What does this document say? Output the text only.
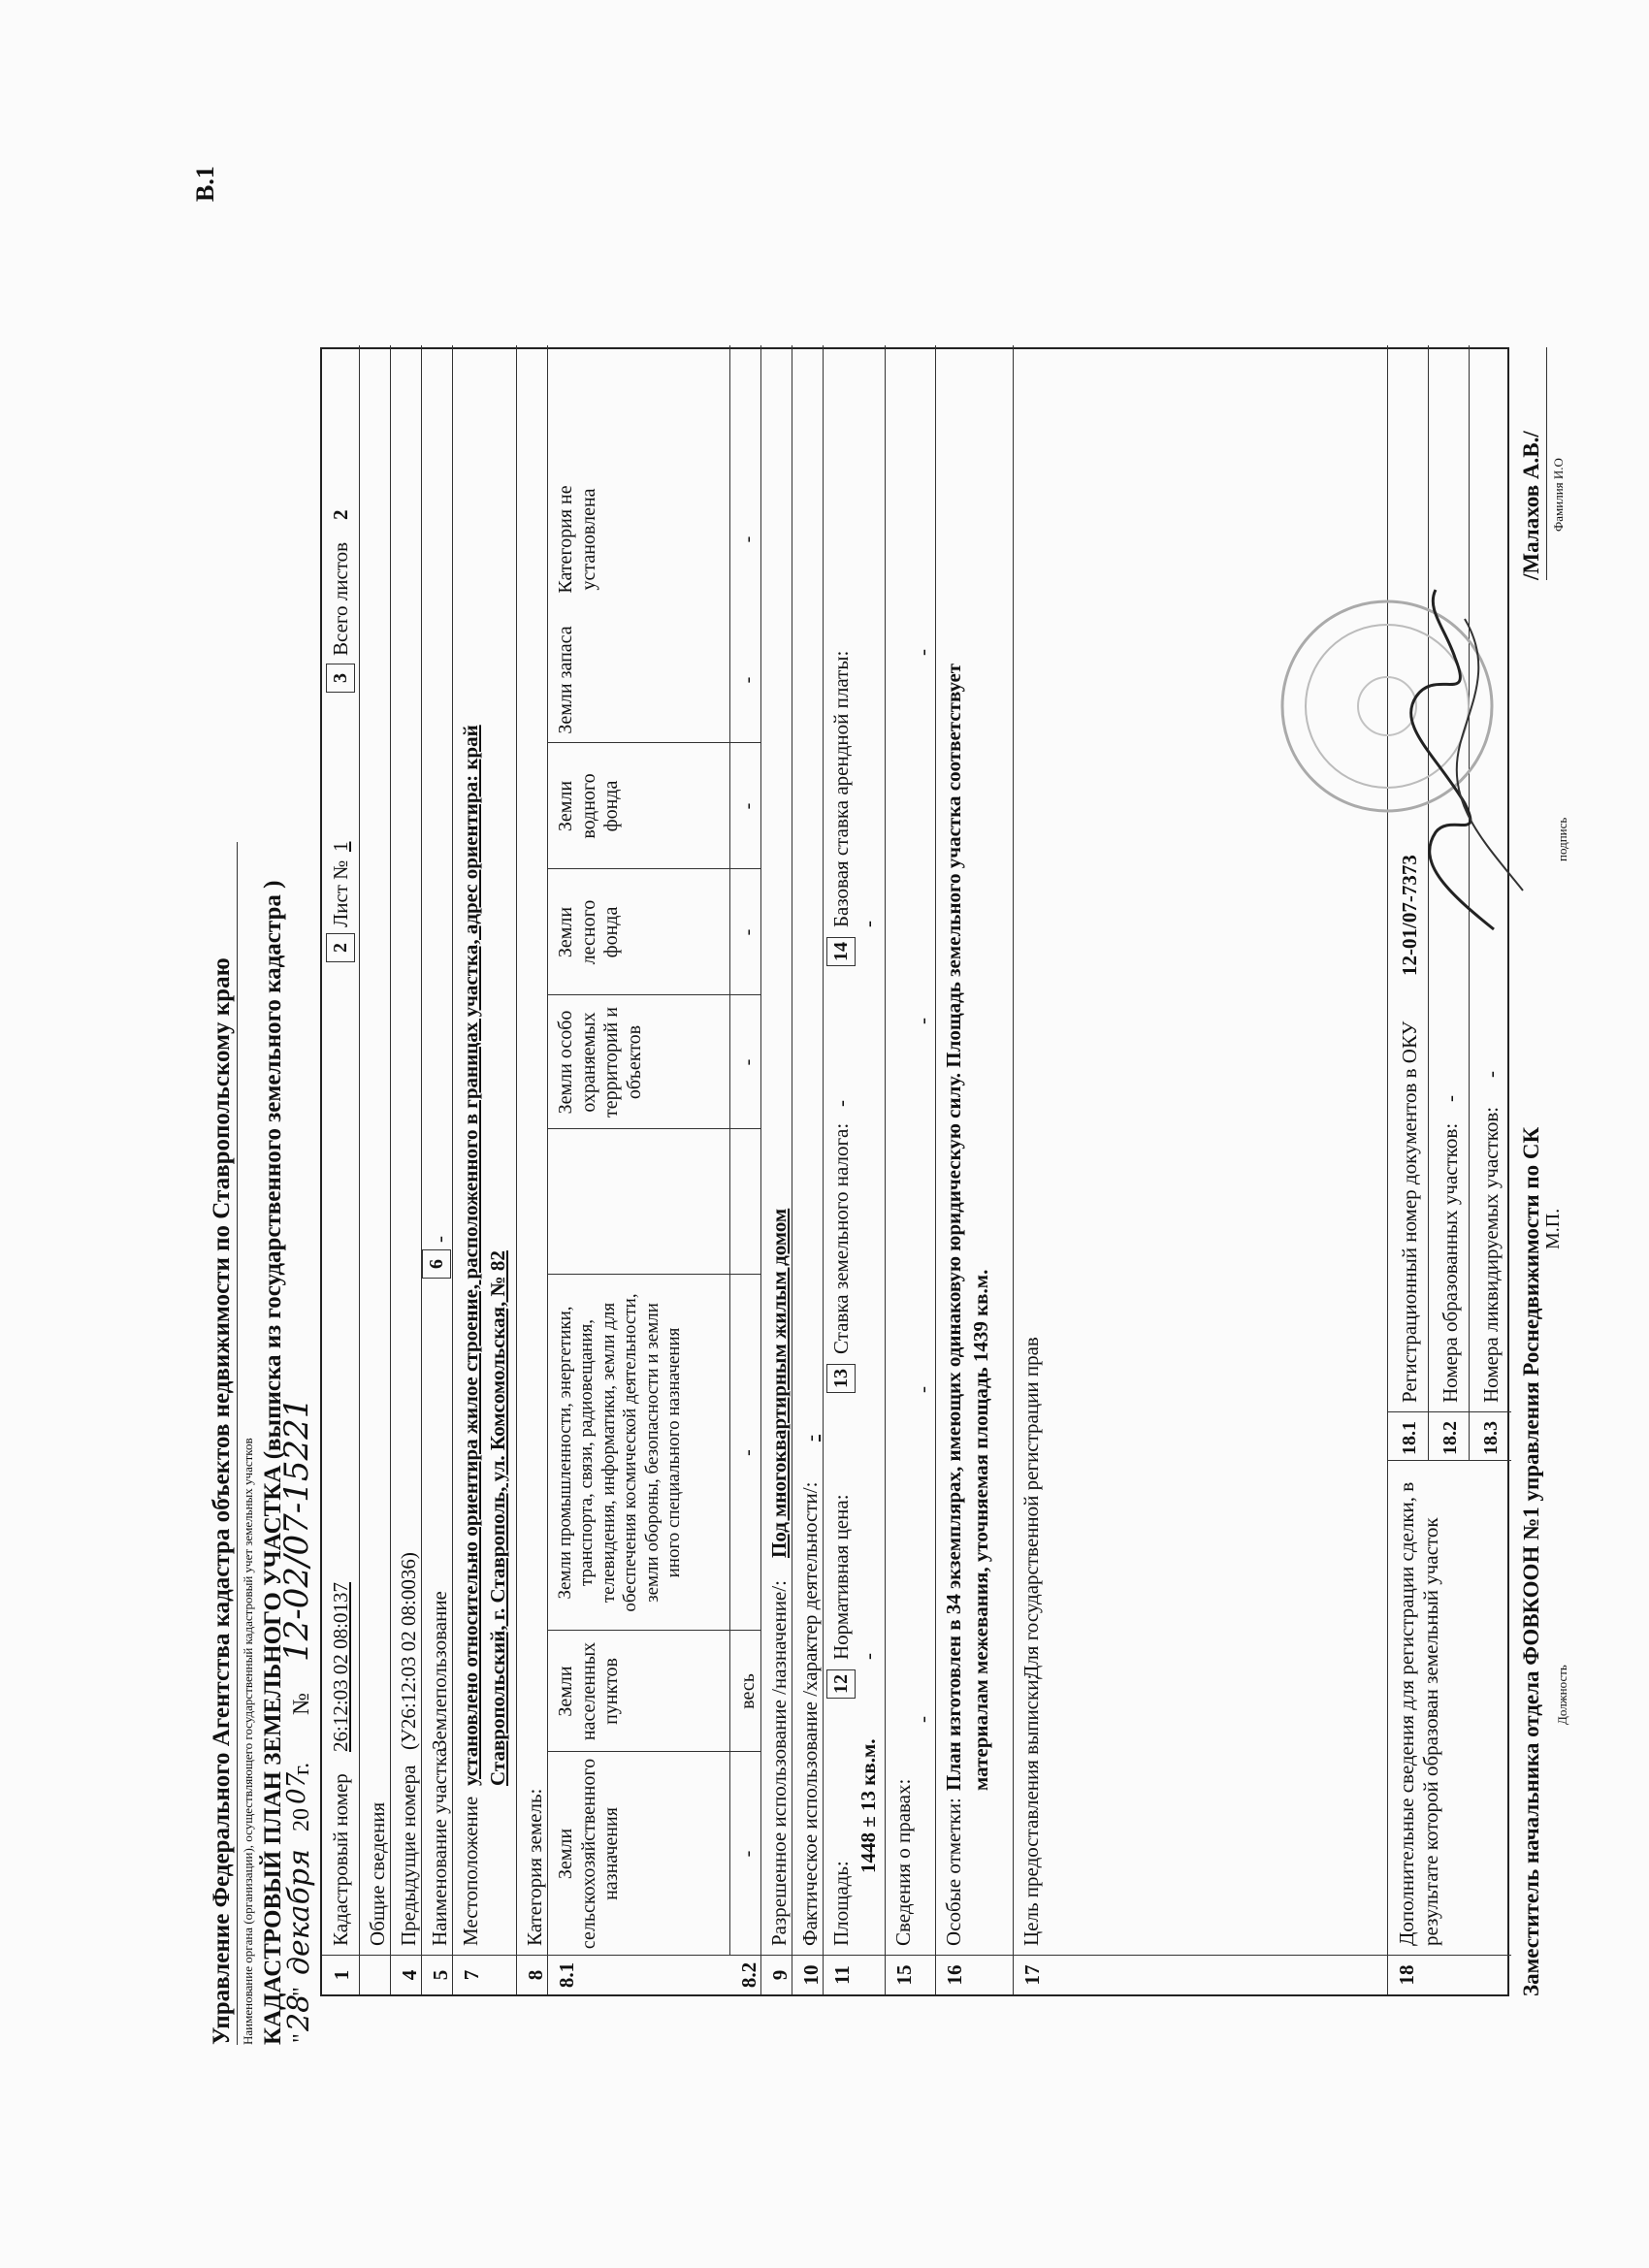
В.1
Управление Федерального Агентства кадастра объектов недвижимости по Ставропольскому краю Наименование органа (организации), осуществляющего государственный кадастровый учет земельных участков КАДАСТРОВЫЙ ПЛАН ЗЕМЕЛЬНОГО УЧАСТКА (выписка из государственного земельного кадастра ) "
28
"
декабря
20
07
г.
№
12-02/07-15221
1
Кадастровый номер
26:12:03 02 08:0137
2
Лист №
1
3
Всего листов
2
Общие сведения
4
Предыдущие номера
(У26:12:03 02 08:0036)
5
Наименование участка
Землепользование
6
-
7
Местоположение
установлено относительно ориентира жилое строение, расположенного в границах участка, адрес ориентира: край Ставропольский, г. Ставрополь, ул. Комсомольская, № 82
8
Категория земель:
8.1
Земли сельскохозяйственного назначения
Земли населенных пунктов
Земли промышленности, энергетики, транспорта, связи, радиовещания, телевидения, информатики, земли для обеспечения космической деятельности, земли обороны, безопасности и земли иного специального назначения
Земли особо охраняемых территорий и объектов
Земли лесного фонда
Земли водного фонда
Земли запаса
Категория не установлена
8.2
-
весь
-
-
-
-
-
-
9
Разрешенное использование /назначение/:
Под многоквартирным жилым домом
10
Фактическое использование /характер деятельности/:
-
11
Площадь:
1448 ± 13 кв.м.
12
Нормативная цена: -
13
Ставка земельного налога:
-
14
Базовая ставка арендной платы: -
15
Сведения о правах:
-
-
-
-
16
Особые отметки:
План изготовлен в 34 экземплярах, имеющих одинаковую юридическую силу. Площадь земельного участка соответствует материалам межевания, уточняемая площадь 1439 кв.м.
17
Цель предоставления выписки:
Для государственной регистрации прав
18
Дополнительные сведения для регистрации сделки, в результате которой образован земельный участок
18.1
Регистрационный номер документов в ОКУ
12-01/07-7373
18.2
Номера образованных участков:
-
18.3
Номера ликвидируемых участков:
-
Заместитель начальника отдела ФОВКООН №1 управления Роснедвижимости по СК Должность
М.П.
подпись
/Малахов А.В./ Фамилия И.О
